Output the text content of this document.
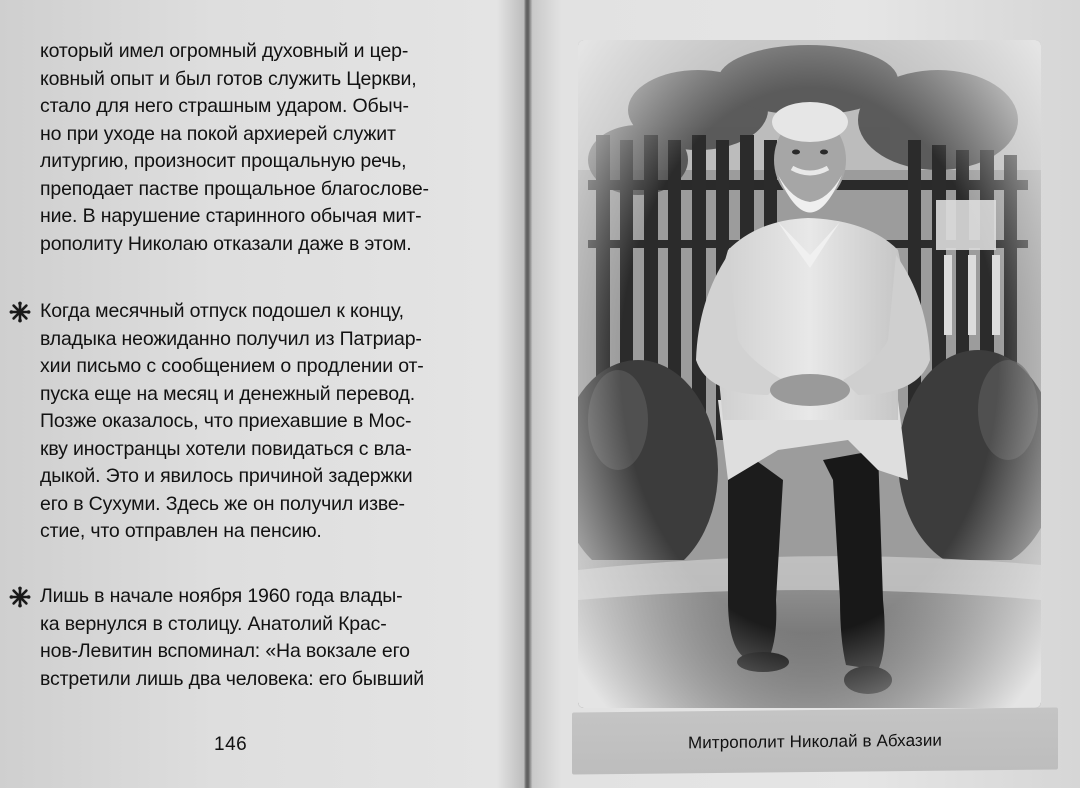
который имел огромный духовный и цер-
ковный опыт и был готов служить Церкви,
стало для него страшным ударом. Обыч-
но при уходе на покой архиерей служит
литургию, произносит прощальную речь,
преподает пастве прощальное благослове-
ние. В нарушение старинного обычая мит-
рополиту Николаю отказали даже в этом.
Когда месячный отпуск подошел к концу,
владыка неожиданно получил из Патриар-
хии письмо с сообщением о продлении от-
пуска еще на месяц и денежный перевод.
Позже оказалось, что приехавшие в Мос-
кву иностранцы хотели повидаться с вла-
дыкой. Это и явилось причиной задержки
его в Сухуми. Здесь же он получил изве-
стие, что отправлен на пенсию.
Лишь в начале ноября 1960 года влады-
ка вернулся в столицу. Анатолий Крас-
нов-Левитин вспоминал: «На вокзале его
встретили лишь два человека: его бывший
146	Митрополит Николай в Абхазии
